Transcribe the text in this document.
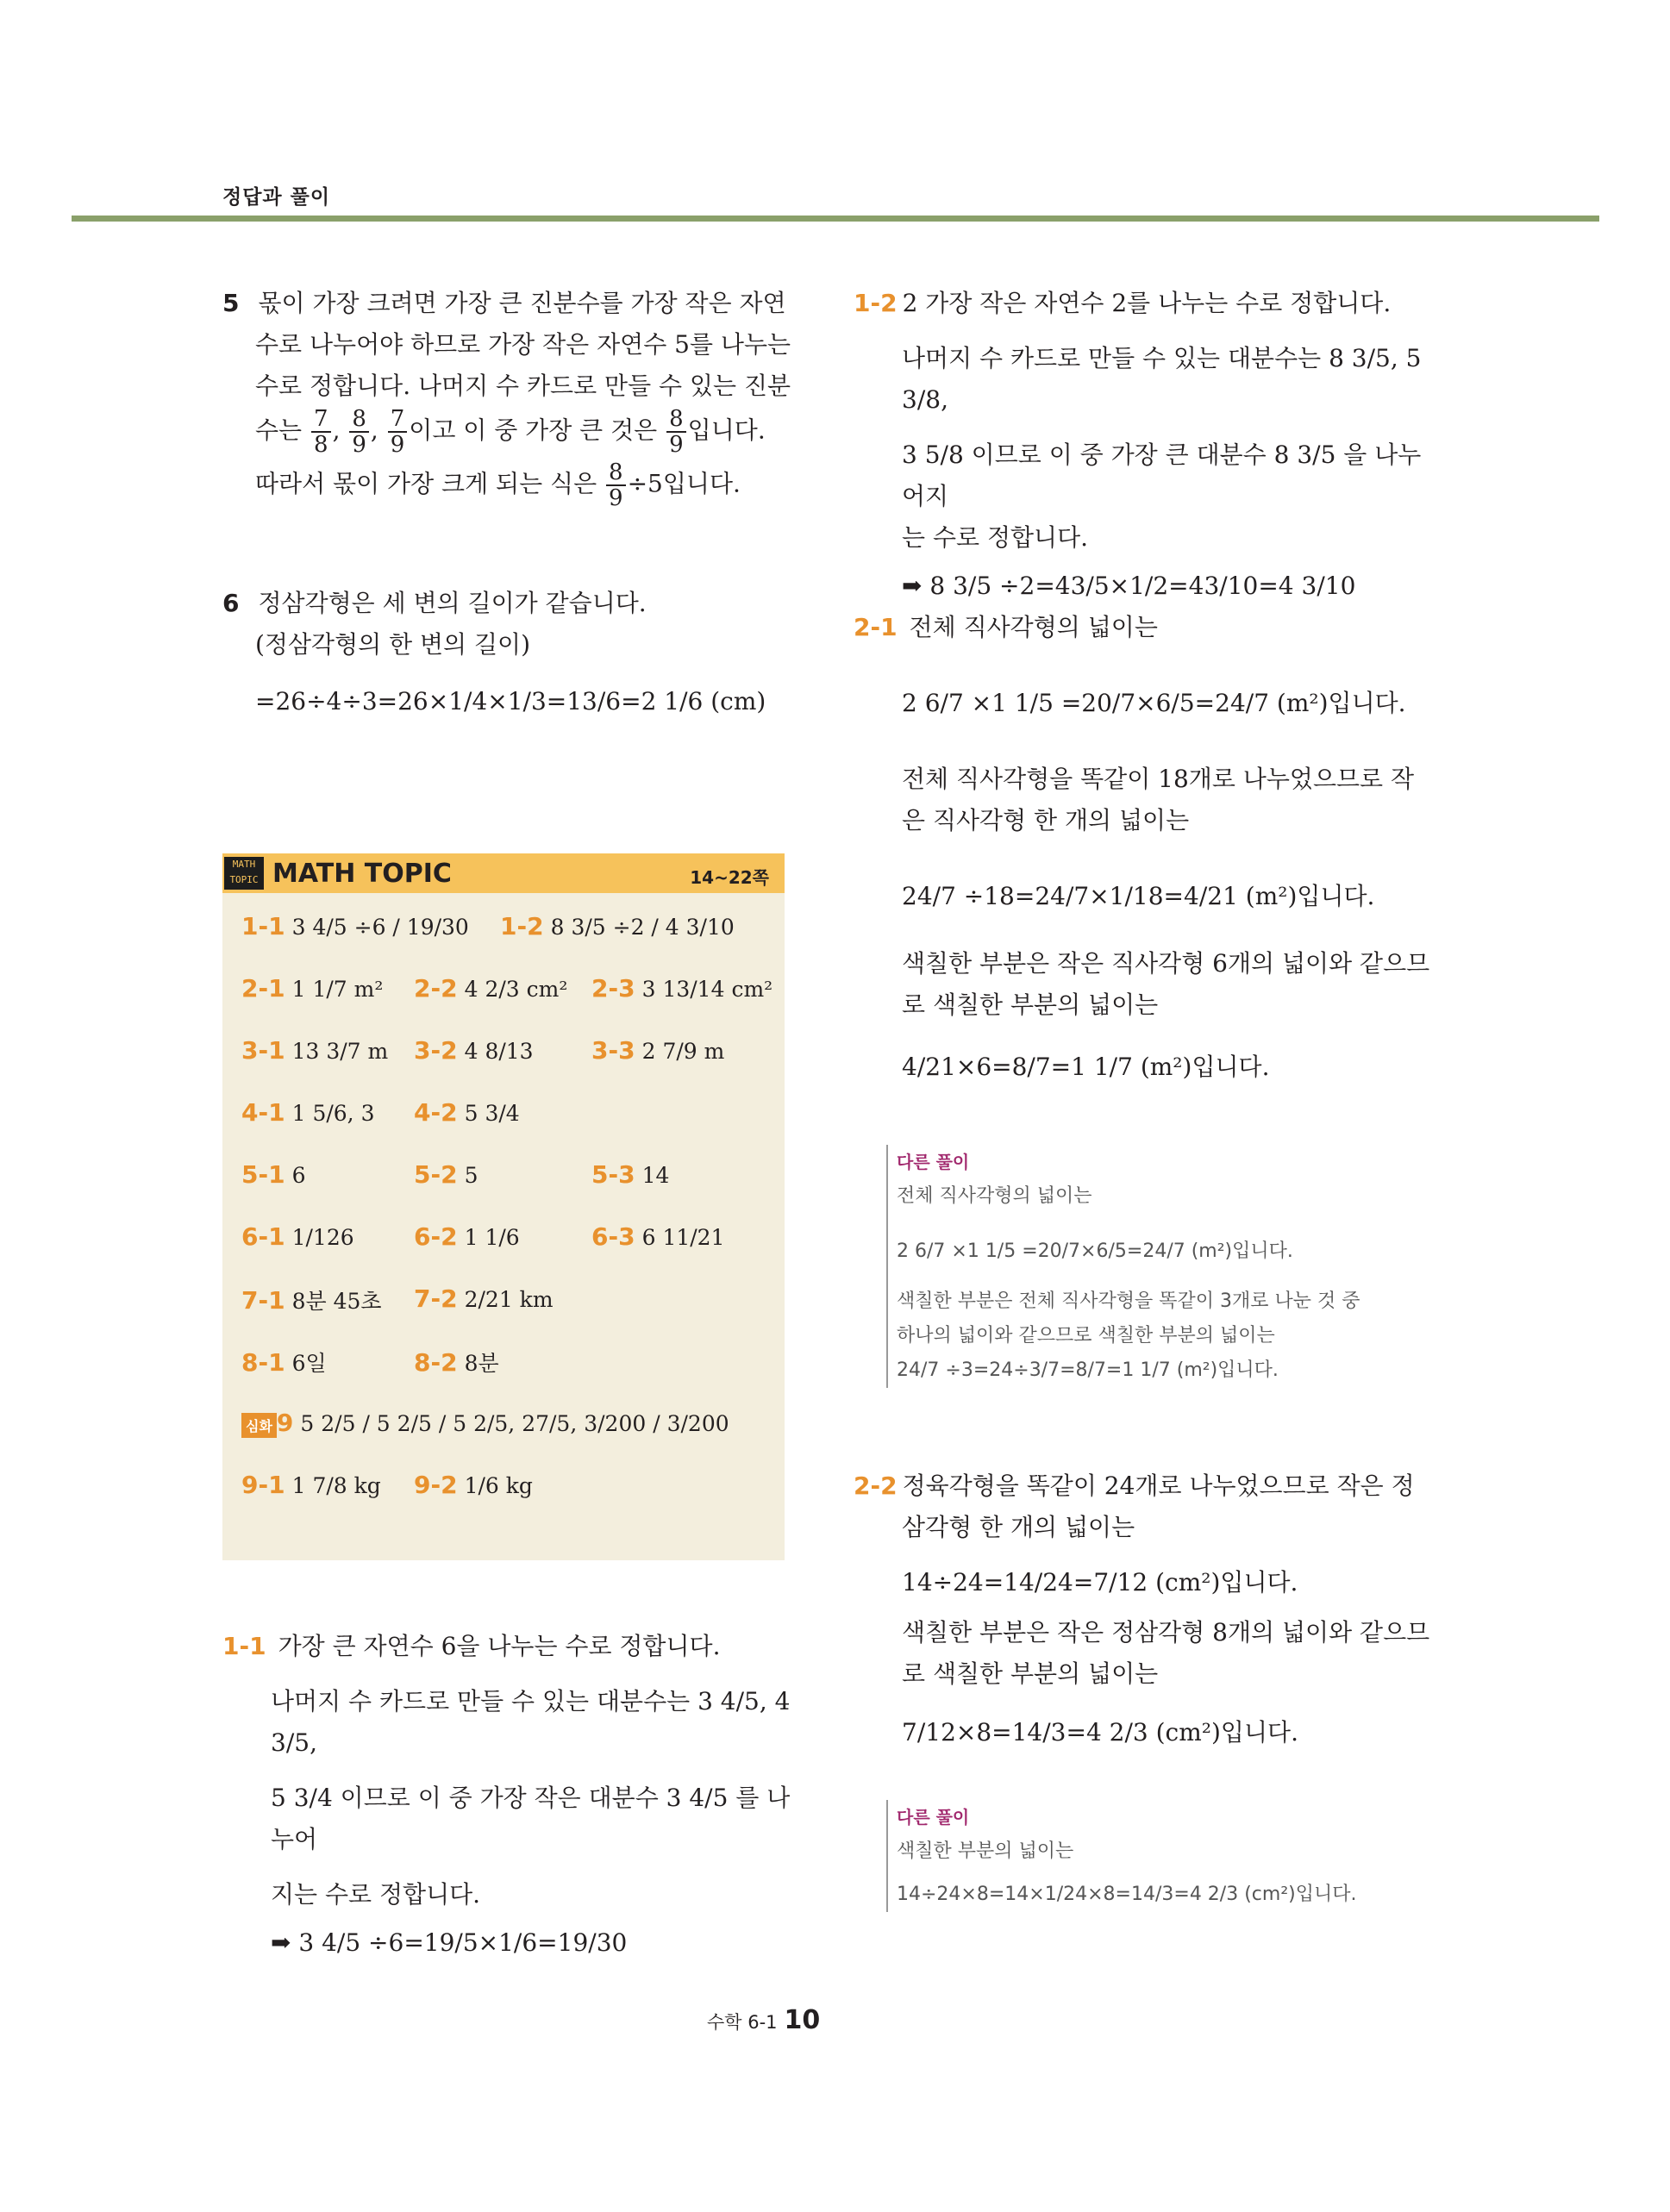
정답과 풀이
5 몫이 가장 크려면 가장 큰 진분수를 가장 작은 자연
수로 나누어야 하므로 가장 작은 자연수 5를 나누는
수로 정합니다. 나머지 수 카드로 만들 수 있는 진분
수는 $\frac{7}{8}$ , $\frac{8}{9}$ , $\frac{7}{9}$ 이고 이 중 가장 큰 것은 $\frac{8}{9}$ 입니다.
따라서 몫이 가장 크게 되는 식은 $\frac{8}{9} \div 5$입니다.
6 정삼각형은 세 변의 길이가 같습니다.
(정삼각형의 한 변의 길이)
=26÷4÷3=26×1/4×1/3=13/6=2 1/6 (cm)
MATH
TOPIC MATH TOPIC	14~22쪽
1-1 3 4/5 ÷6 / 19/30 1-2 8 3/5 ÷2 / 4 3/10
2-1 1 1/7 m² 2-2 4 2/3 cm² 2-3 3 13/14 cm²
3-1 13 3/7 m 3-2 4 8/13 3-3 2 7/9 m
4-1 1 5/6, 3 4-2 5 3/4
5-1 6	5-2 5	5-3 14
6-1 1/126 6-2 1 1/6	6-3 6 11/21
7-1 8분 45초 7-2 2/21 km
8-1 6일	8-2 8분
심화 9 5 2/5 / 5 2/5 / 5 2/5, 27/5, 3/200 / 3/200
9-1 1 7/8 kg 9-2 1/6 kg
1-1 가장 큰 자연수 6을 나누는 수로 정합니다.
나머지 수 카드로 만들 수 있는 대분수는 3 4/5, 4 3/5,
5 3/4 이므로 이 중 가장 작은 대분수 3 4/5 를 나누어
지는 수로 정합니다.
➡ 3 4/5 ÷6=19/5×1/6=19/30
1-2 2 가장 작은 자연수 2를 나누는 수로 정합니다.
나머지 수 카드로 만들 수 있는 대분수는 8 3/5, 5 3/8,
3 5/8 이므로 이 중 가장 큰 대분수 8 3/5 을 나누어지
는 수로 정합니다.
➡ 8 3/5 ÷2=43/5×1/2=43/10=4 3/10
2-1 전체 직사각형의 넓이는
2 6/7 ×1 1/5 =20/7×6/5=24/7 (m²)입니다.
전체 직사각형을 똑같이 18개로 나누었으므로 작
은 직사각형 한 개의 넓이는
24/7 ÷18=24/7×1/18=4/21 (m²)입니다.
색칠한 부분은 작은 직사각형 6개의 넓이와 같으므
로 색칠한 부분의 넓이는
4/21×6=8/7=1 1/7 (m²)입니다.
다른 풀이
전체 직사각형의 넓이는
2 6/7 ×1 1/5 =20/7×6/5=24/7 (m²)입니다.
색칠한 부분은 전체 직사각형을 똑같이 3개로 나눈 것 중
하나의 넓이와 같으므로 색칠한 부분의 넓이는
24/7 ÷3=24÷3/7=8/7=1 1/7 (m²)입니다.
2-2 정육각형을 똑같이 24개로 나누었으므로 작은 정
삼각형 한 개의 넓이는
14÷24=14/24=7/12 (cm²)입니다.
색칠한 부분은 작은 정삼각형 8개의 넓이와 같으므
로 색칠한 부분의 넓이는
7/12×8=14/3=4 2/3 (cm²)입니다.
다른 풀이
색칠한 부분의 넓이는
14÷24×8=14×1/24×8=14/3=4 2/3 (cm²)입니다.
수학 6-1 10
